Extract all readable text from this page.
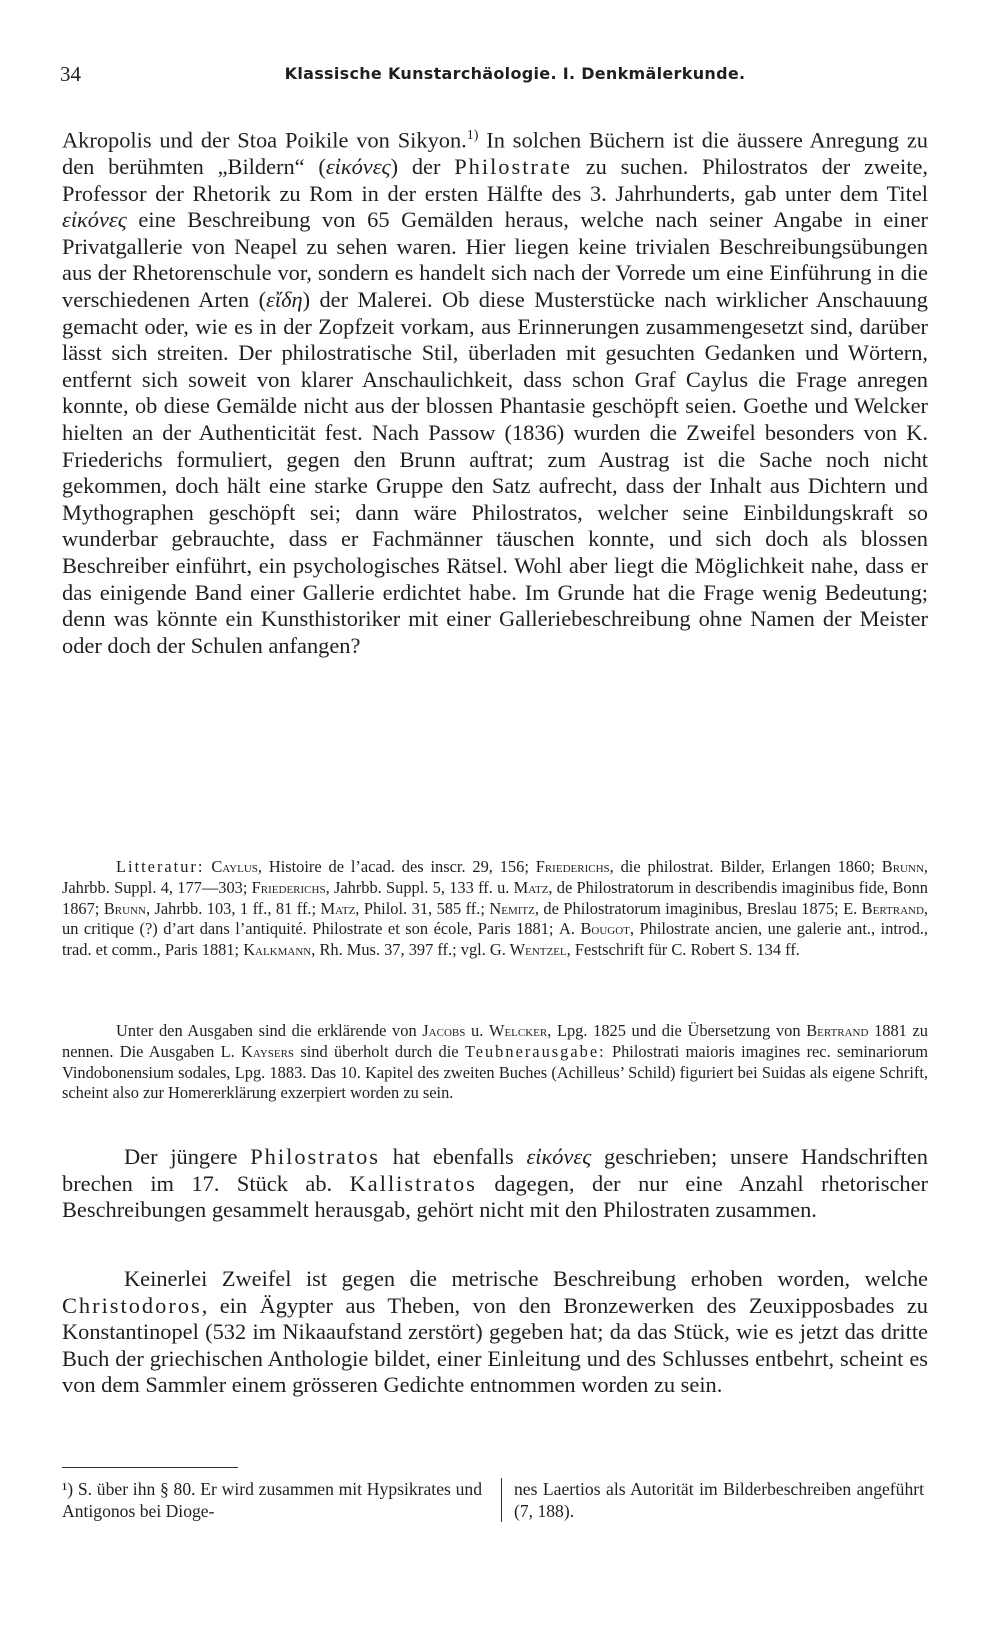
34	Klassische Kunstarchäologie. I. Denkmälerkunde.

Akropolis und der Stoa Poikile von Sikyon.$^{1)}$ In solchen Büchern ist die äussere Anregung zu den berühmten „Bildern“ (εἰκόνες) der Philostrate zu suchen. Philostratos der zweite, Professor der Rhetorik zu Rom in der ersten Hälfte des 3. Jahrhunderts, gab unter dem Titel εἰκόνες eine Beschreibung von 65 Gemälden heraus, welche nach seiner Angabe in einer Privatgallerie von Neapel zu sehen waren. Hier liegen keine trivialen Beschreibungsübungen aus der Rhetorenschule vor, sondern es handelt sich nach der Vorrede um eine Einführung in die verschiedenen Arten (εἴδη) der Malerei. Ob diese Musterstücke nach wirklicher Anschauung gemacht oder, wie es in der Zopfzeit vorkam, aus Erinnerungen zusammengesetzt sind, darüber lässt sich streiten. Der philostratische Stil, überladen mit gesuchten Gedanken und Wörtern, entfernt sich soweit von klarer Anschaulichkeit, dass schon Graf Caylus die Frage anregen konnte, ob diese Gemälde nicht aus der blossen Phantasie geschöpft seien. Goethe und Welcker hielten an der Authenticität fest. Nach Passow (1836) wurden die Zweifel besonders von K. Friederichs formuliert, gegen den Brunn auftrat; zum Austrag ist die Sache noch nicht gekommen, doch hält eine starke Gruppe den Satz aufrecht, dass der Inhalt aus Dichtern und Mythographen geschöpft sei; dann wäre Philostratos, welcher seine Einbildungskraft so wunderbar gebrauchte, dass er Fachmänner täuschen konnte, und sich doch als blossen Beschreiber einführt, ein psychologisches Rätsel. Wohl aber liegt die Möglichkeit nahe, dass er das einigende Band einer Gallerie erdichtet habe. Im Grunde hat die Frage wenig Bedeutung; denn was könnte ein Kunsthistoriker mit einer Galleriebeschreibung ohne Namen der Meister oder doch der Schulen anfangen?

Litteratur: Caylus, Histoire de l’acad. des inscr. 29, 156; Friederichs, die philostrat. Bilder, Erlangen 1860; Brunn, Jahrbb. Suppl. 4, 177—303; Friederichs, Jahrbb. Suppl. 5, 133 ff. u. Matz, de Philostratorum in describendis imaginibus fide, Bonn 1867; Brunn, Jahrbb. 103, 1 ff., 81 ff.; Matz, Philol. 31, 585 ff.; Nemitz, de Philostratorum imaginibus, Breslau 1875; E. Bertrand, un critique (?) d’art dans l’antiquité. Philostrate et son école, Paris 1881; A. Bougot, Philostrate ancien, une galerie ant., introd., trad. et comm., Paris 1881; Kalkmann, Rh. Mus. 37, 397 ff.; vgl. G. Wentzel, Festschrift für C. Robert S. 134 ff.

Unter den Ausgaben sind die erklärende von Jacobs u. Welcker, Lpg. 1825 und die Übersetzung von Bertrand 1881 zu nennen. Die Ausgaben L. Kaysers sind überholt durch die Teubnerausgabe: Philostrati maioris imagines rec. seminariorum Vindobonensium sodales, Lpg. 1883. Das 10. Kapitel des zweiten Buches (Achilleus’ Schild) figuriert bei Suidas als eigene Schrift, scheint also zur Homererklärung exzerpiert worden zu sein.

Der jüngere Philostratos hat ebenfalls εἰκόνες geschrieben; unsere Handschriften brechen im 17. Stück ab. Kallistratos dagegen, der nur eine Anzahl rhetorischer Beschreibungen gesammelt herausgab, gehört nicht mit den Philostraten zusammen.

Keinerlei Zweifel ist gegen die metrische Beschreibung erhoben worden, welche Christodoros, ein Ägypter aus Theben, von den Bronzewerken des Zeuxipposbades zu Konstantinopel (532 im Nikaaufstand zerstört) gegeben hat; da das Stück, wie es jetzt das dritte Buch der griechischen Anthologie bildet, einer Einleitung und des Schlusses entbehrt, scheint es von dem Sammler einem grösseren Gedichte entnommen worden zu sein.

¹) S. über ihn § 80. Er wird zusammen mit Hypsikrates und Antigonos bei Dioge-
nes Laertios als Autorität im Bilderbeschreiben angeführt (7, 188).
